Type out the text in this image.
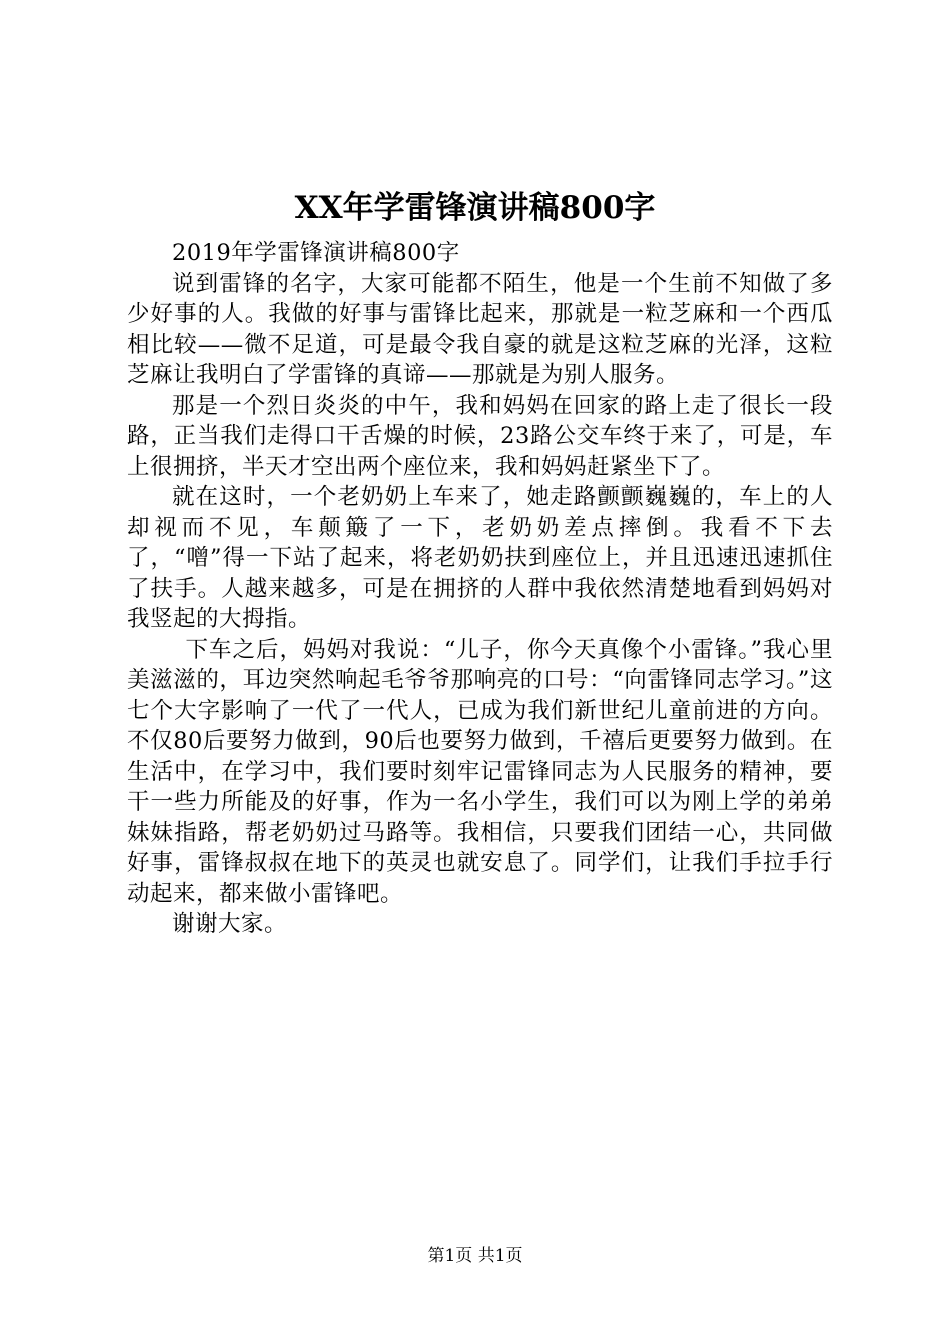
XX年学雷锋演讲稿800字

2019年学雷锋演讲稿800字

说到雷锋的名字，大家可能都不陌生，他是一个生前不知做了多少好事的人。我做的好事与雷锋比起来，那就是一粒芝麻和一个西瓜相比较——微不足道，可是最令我自豪的就是这粒芝麻的光泽，这粒芝麻让我明白了学雷锋的真谛——那就是为别人服务。

那是一个烈日炎炎的中午，我和妈妈在回家的路上走了很长一段路，正当我们走得口干舌燥的时候，23路公交车终于来了，可是，车上很拥挤，半天才空出两个座位来，我和妈妈赶紧坐下了。

就在这时，一个老奶奶上车来了，她走路颤颤巍巍的，车上的人却视而不见，车颠簸了一下，老奶奶差点摔倒。我看不下去了，“噌”得一下站了起来，将老奶奶扶到座位上，并且迅速迅速抓住了扶手。人越来越多，可是在拥挤的人群中我依然清楚地看到妈妈对我竖起的大拇指。

下车之后，妈妈对我说：“儿子，你今天真像个小雷锋。”我心里美滋滋的，耳边突然响起毛爷爷那响亮的口号：“向雷锋同志学习。”这七个大字影响了一代了一代人，已成为我们新世纪儿童前进的方向。不仅80后要努力做到，90后也要努力做到，千禧后更要努力做到。在生活中，在学习中，我们要时刻牢记雷锋同志为人民服务的精神，要干一些力所能及的好事，作为一名小学生，我们可以为刚上学的弟弟妹妹指路，帮老奶奶过马路等。我相信，只要我们团结一心，共同做好事，雷锋叔叔在地下的英灵也就安息了。同学们，让我们手拉手行动起来，都来做小雷锋吧。

谢谢大家。

第1页 共1页
